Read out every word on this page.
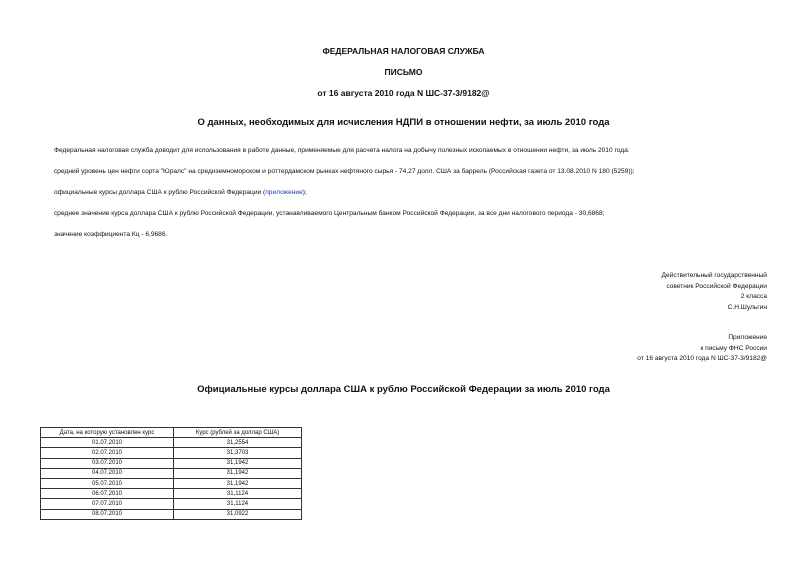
ФЕДЕРАЛЬНАЯ НАЛОГОВАЯ СЛУЖБА
ПИСЬМО
от 16 августа 2010 года N ШС-37-3/9182@
О данных, необходимых для исчисления НДПИ в отношении нефти, за июль 2010 года
Федеральная налоговая служба доводит для использования в работе данные, применяемые для расчета налога на добычу полезных ископаемых в отношении нефти, за июль 2010 года:
средний уровень цен нефти сорта "Юралс" на средиземноморском и роттердамском рынках нефтяного сырья - 74,27 долл. США за баррель (Российская газета от 13.08.2010 N 180 (5259));
официальные курсы доллара США к рублю Российской Федерации (приложение);
среднее значение курса доллара США к рублю Российской Федерации, устанавливаемого Центральным банком Российской Федерации, за все дни налогового периода - 30,6868;
значение коэффициента Кц - 6,9686.
Действительный государственный
советник Российской Федерации
2 класса
С.Н.Шульгин
Приложение
к письму ФНС России
от 16 августа 2010 года N ШС-37-3/9182@
Официальные курсы доллара США к рублю Российской Федерации за июль 2010 года
Дата, на которую установлен курс	Курс (рублей за доллар США)
01.07.2010	31,2554
02.07.2010	31,3703
03.07.2010	31,1942
04.07.2010	31,1942
05.07.2010	31,1942
06.07.2010	31,1124
07.07.2010	31,1124
08.07.2010	31,0922
